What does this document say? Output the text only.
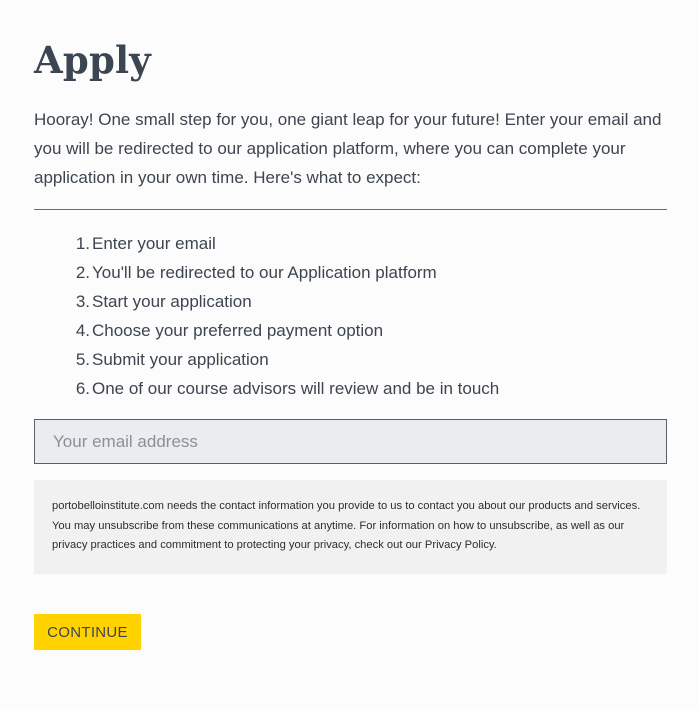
Apply

Hooray! One small step for you, one giant leap for your future! Enter your email and you will be redirected to our application platform, where you can complete your application in your own time. Here's what to expect:

1. Enter your email
2. You'll be redirected to our Application platform
3. Start your application
4. Choose your preferred payment option
5. Submit your application
6. One of our course advisors will review and be in touch
Your email address
portobelloinstitute.com needs the contact information you provide to us to contact you about our products and services. You may unsubscribe from these communications at anytime. For information on how to unsubscribe, as well as our privacy practices and commitment to protecting your privacy, check out our Privacy Policy.
CONTINUE
